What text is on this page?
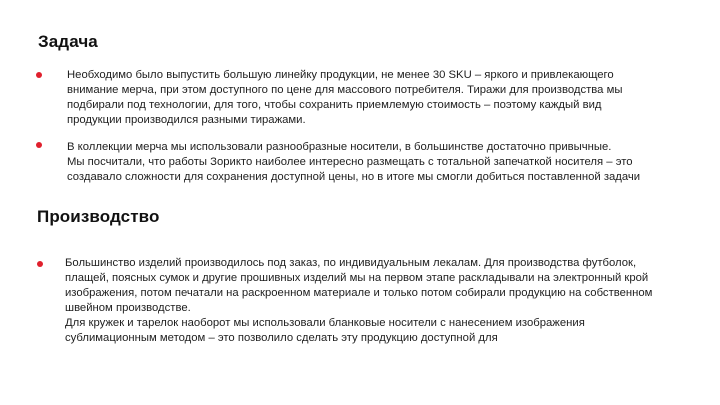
Задача

Необходимо было выпустить большую линейку продукции, не менее 30 SKU – яркого и привлекающего

внимание мерча, при этом доступного по цене для массового потребителя. Тиражи для производства мы

подбирали под технологии, для того, чтобы сохранить приемлемую стоимость – поэтому каждый вид

продукции производился разными тиражами.

В коллекции мерча мы использовали разнообразные носители, в большинстве достаточно привычные.

Мы посчитали, что работы Зорикто наиболее интересно размещать с тотальной запечаткой носителя – это

создавало сложности для сохранения доступной цены, но в итоге мы смогли добиться поставленной задачи

Производство

Большинство изделий производилось под заказ, по индивидуальным лекалам. Для производства футболок,

плащей, поясных сумок и другие прошивных изделий мы на первом этапе раскладывали на электронный крой

изображения, потом печатали на раскроенном материале и только потом собирали продукцию на собственном

швейном производстве.

Для кружек и тарелок наоборот мы использовали бланковые носители с нанесением изображения

сублимационным методом – это позволило сделать эту продукцию доступной для
